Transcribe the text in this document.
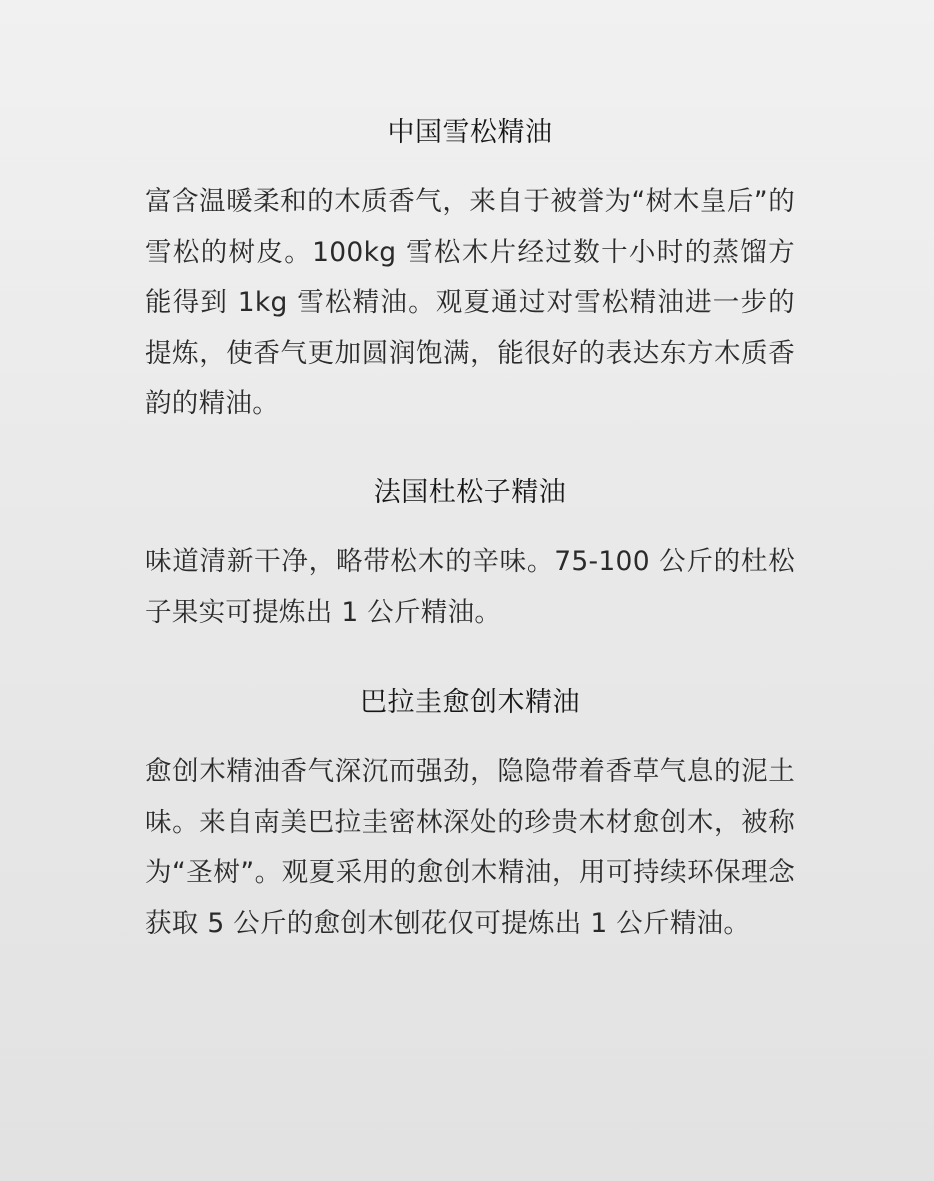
中国雪松精油

富含温暖柔和的木质香气，来自于被誉为“树木皇后”的雪松的树皮。100kg 雪松木片经过数十小时的蒸馏方能得到 1kg 雪松精油。观夏通过对雪松精油进一步的提炼，使香气更加圆润饱满，能很好的表达东方木质香韵的精油。

法国杜松子精油

味道清新干净，略带松木的辛味。75-100 公斤的杜松子果实可提炼出 1 公斤精油。

巴拉圭愈创木精油

愈创木精油香气深沉而强劲，隐隐带着香草气息的泥土味。来自南美巴拉圭密林深处的珍贵木材愈创木，被称为“圣树”。观夏采用的愈创木精油，用可持续环保理念获取 5 公斤的愈创木刨花仅可提炼出 1 公斤精油。
